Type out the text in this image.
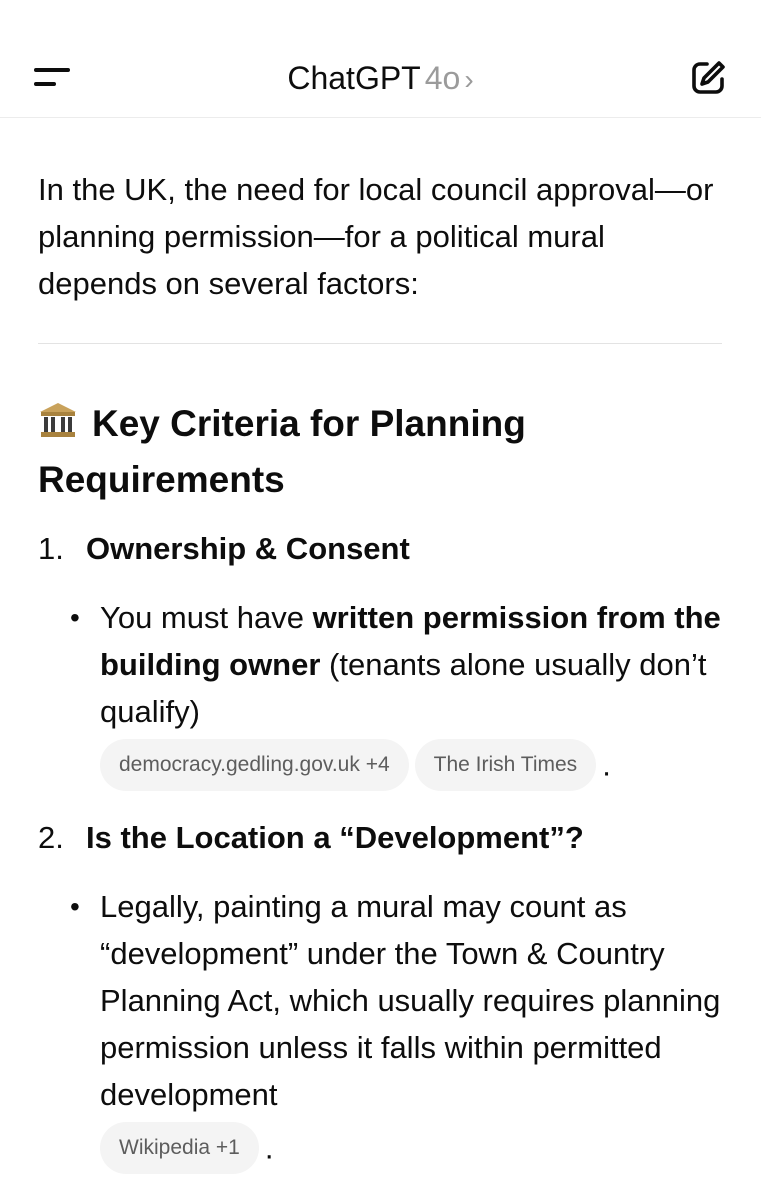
ChatGPT 4o ›

In the UK, the need for local council approval—or planning permission—for a political mural depends on several factors:

Key Criteria for Planning Requirements
1. Ownership & Consent
• You must have written permission from the building owner (tenants alone usually don’t qualify)
democracy.gedling.gov.uk +4 The Irish Times .
2. Is the Location a “Development”?
• Legally, painting a mural may count as “development” under the Town & Country Planning Act, which usually requires planning permission unless it falls within permitted development
Wikipedia +1 .
